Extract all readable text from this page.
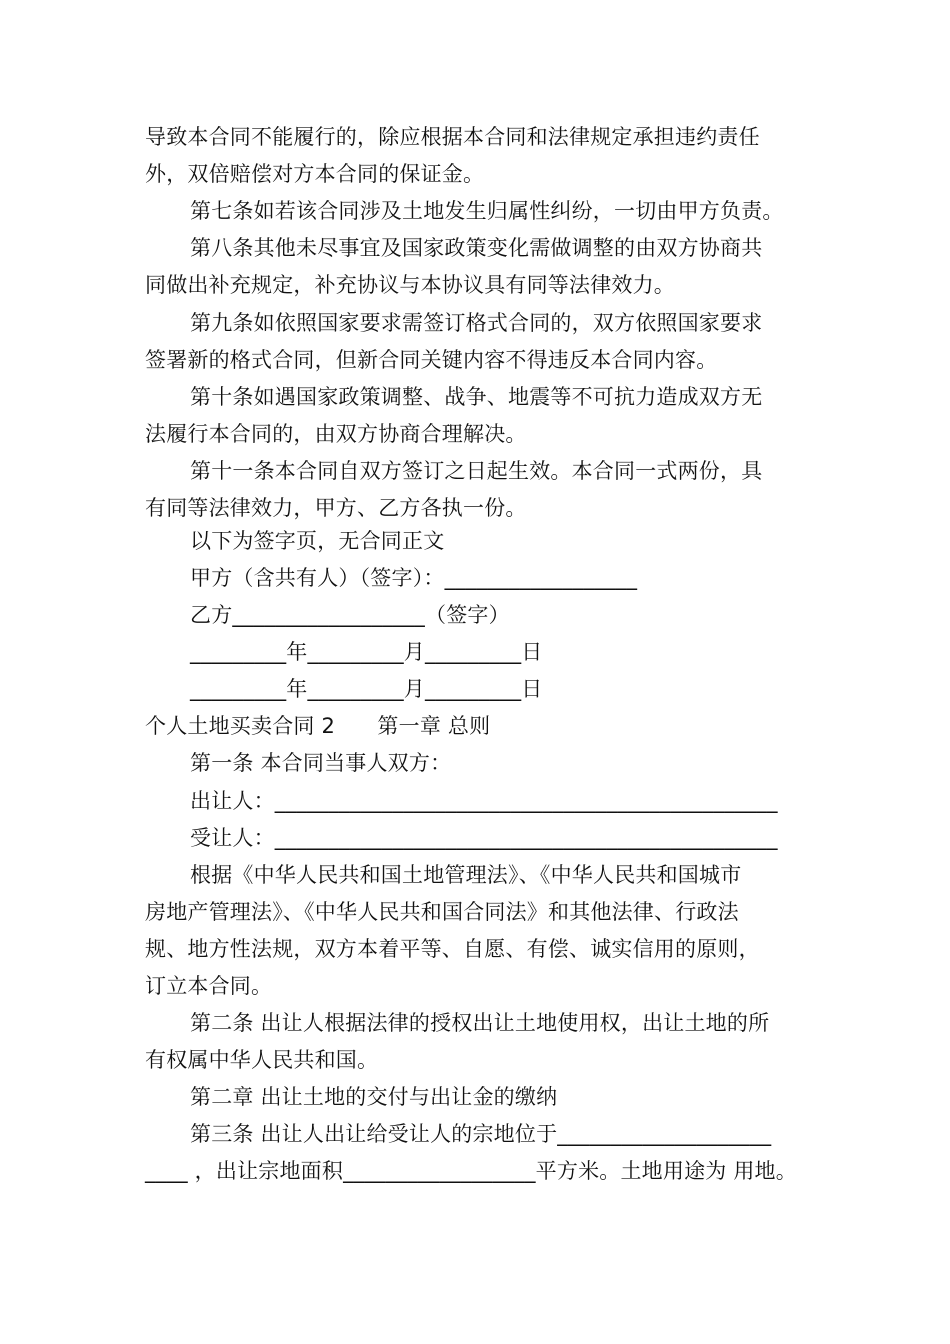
导致本合同不能履行的，除应根据本合同和法律规定承担违约责任
外，双倍赔偿对方本合同的保证金。
第七条如若该合同涉及土地发生归属性纠纷，一切由甲方负责。
第八条其他未尽事宜及国家政策变化需做调整的由双方协商共
同做出补充规定，补充协议与本协议具有同等法律效力。
第九条如依照国家要求需签订格式合同的，双方依照国家要求
签署新的格式合同，但新合同关键内容不得违反本合同内容。
第十条如遇国家政策调整、战争、地震等不可抗力造成双方无
法履行本合同的，由双方协商合理解决。
第十一条本合同自双方签订之日起生效。本合同一式两份，具
有同等法律效力，甲方、乙方各执一份。
以下为签字页，无合同正文
甲方（含共有人）（签字）：__________________
乙方__________________（签字）
_________年_________月_________日
_________年_________月_________日
个人土地买卖合同 2　　第一章 总则
第一条 本合同当事人双方：
出让人：_______________________________________________
受让人：_______________________________________________
根据《中华人民共和国土地管理法》、《中华人民共和国城市
房地产管理法》、《中华人民共和国合同法》和其他法律、行政法
规、地方性法规，双方本着平等、自愿、有偿、诚实信用的原则，
订立本合同。
第二条 出让人根据法律的授权出让土地使用权，出让土地的所
有权属中华人民共和国。
第二章 出让土地的交付与出让金的缴纳
第三条 出让人出让给受让人的宗地位于____________________
____ ，出让宗地面积__________________平方米。土地用途为 用地。
